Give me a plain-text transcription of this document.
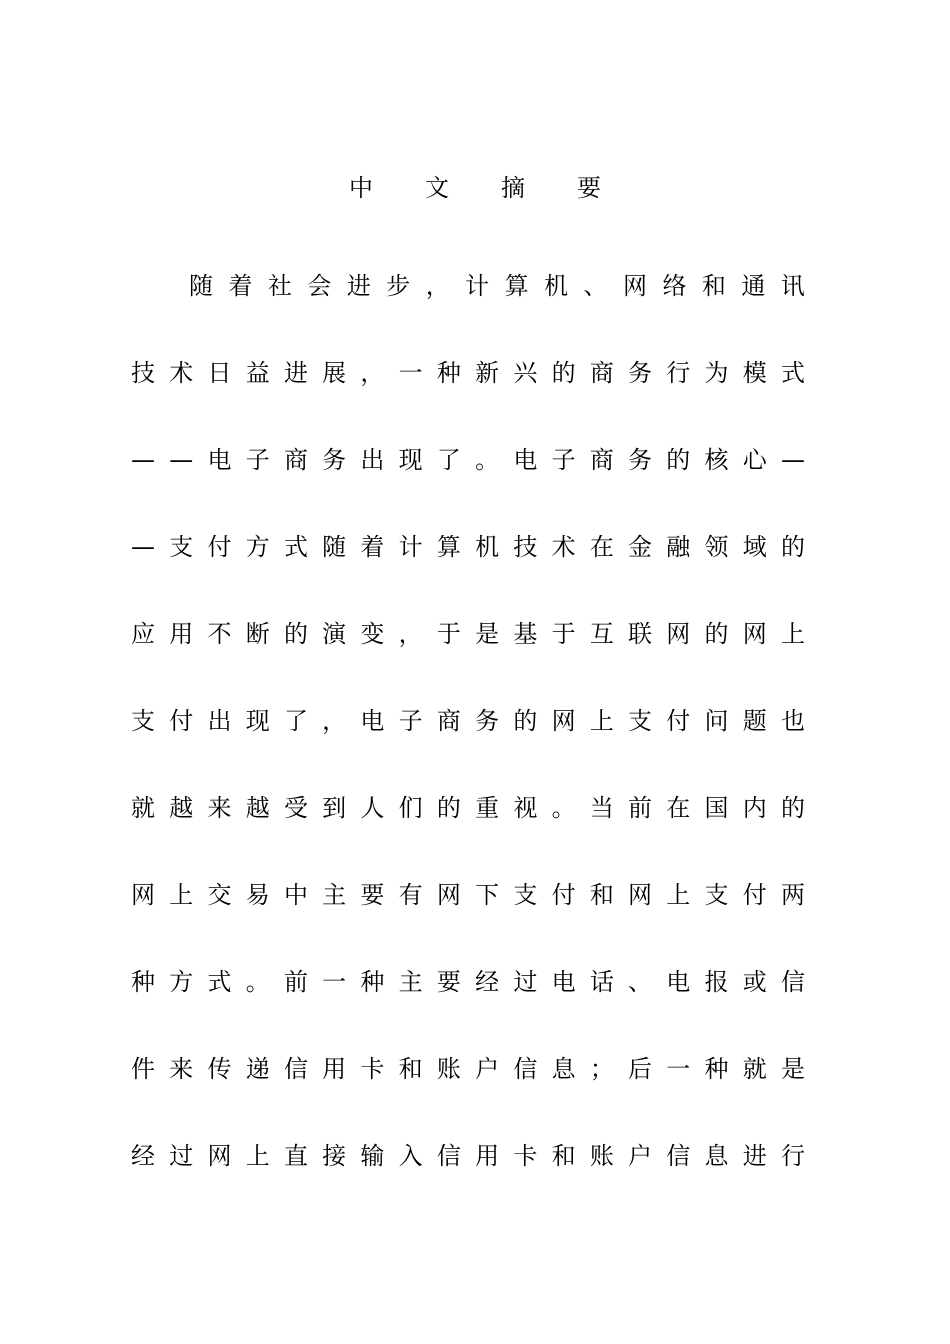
中文摘要
随 着 社 会 进 步 ， 计 算 机 、 网 络 和 通 讯
技 术 日 益 进 展 ， 一 种 新 兴 的 商 务 行 为 模 式
— — 电 子 商 务 出 现 了 。 电 子 商 务 的 核 心 —
— 支 付 方 式 随 着 计 算 机 技 术 在 金 融 领 域 的
应 用 不 断 的 演 变 ， 于 是 基 于 互 联 网 的 网 上
支 付 出 现 了 ， 电 子 商 务 的 网 上 支 付 问 题 也
就 越 来 越 受 到 人 们 的 重 视 。 当 前 在 国 内 的
网 上 交 易 中 主 要 有 网 下 支 付 和 网 上 支 付 两
种 方 式 。 前 一 种 主 要 经 过 电 话 、 电 报 或 信
件 来 传 递 信 用 卡 和 账 户 信 息 ； 后 一 种 就 是
经 过 网 上 直 接 输 入 信 用 卡 和 账 户 信 息 进 行
